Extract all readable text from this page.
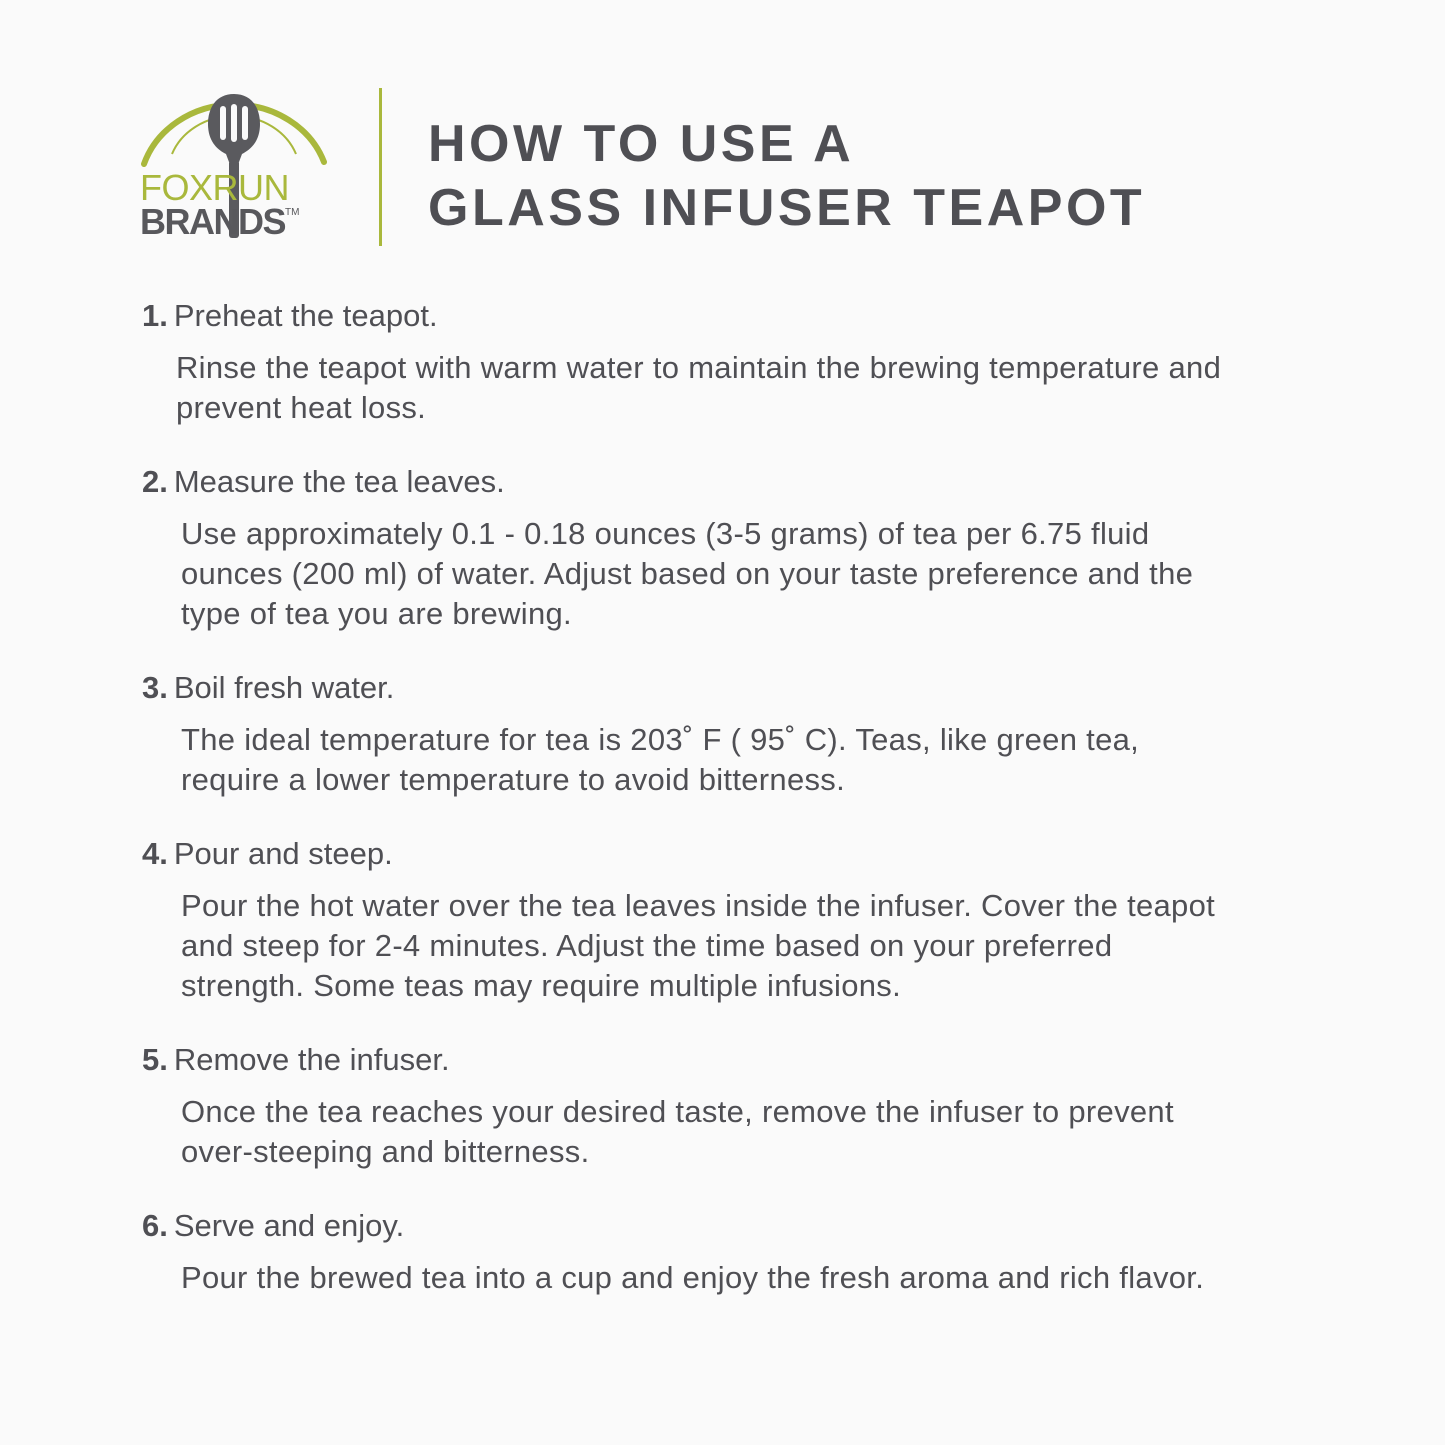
FOXRUN
BRANDS™
HOW TO USE A
GLASS INFUSER TEAPOT
1. Preheat the teapot.
Rinse the teapot with warm water to maintain the brewing temperature and prevent heat loss.
2. Measure the tea leaves.
Use approximately 0.1 - 0.18 ounces (3-5 grams) of tea per 6.75 fluid ounces (200 ml) of water. Adjust based on your taste preference and the type of tea you are brewing.
3. Boil fresh water.
The ideal temperature for tea is 203˚ F ( 95˚ C). Teas, like green tea, require a lower temperature to avoid bitterness.
4. Pour and steep.
Pour the hot water over the tea leaves inside the infuser. Cover the teapot and steep for 2-4 minutes. Adjust the time based on your preferred strength. Some teas may require multiple infusions.
5. Remove the infuser.
Once the tea reaches your desired taste, remove the infuser to prevent over-steeping and bitterness.
6. Serve and enjoy.
Pour the brewed tea into a cup and enjoy the fresh aroma and rich flavor.
